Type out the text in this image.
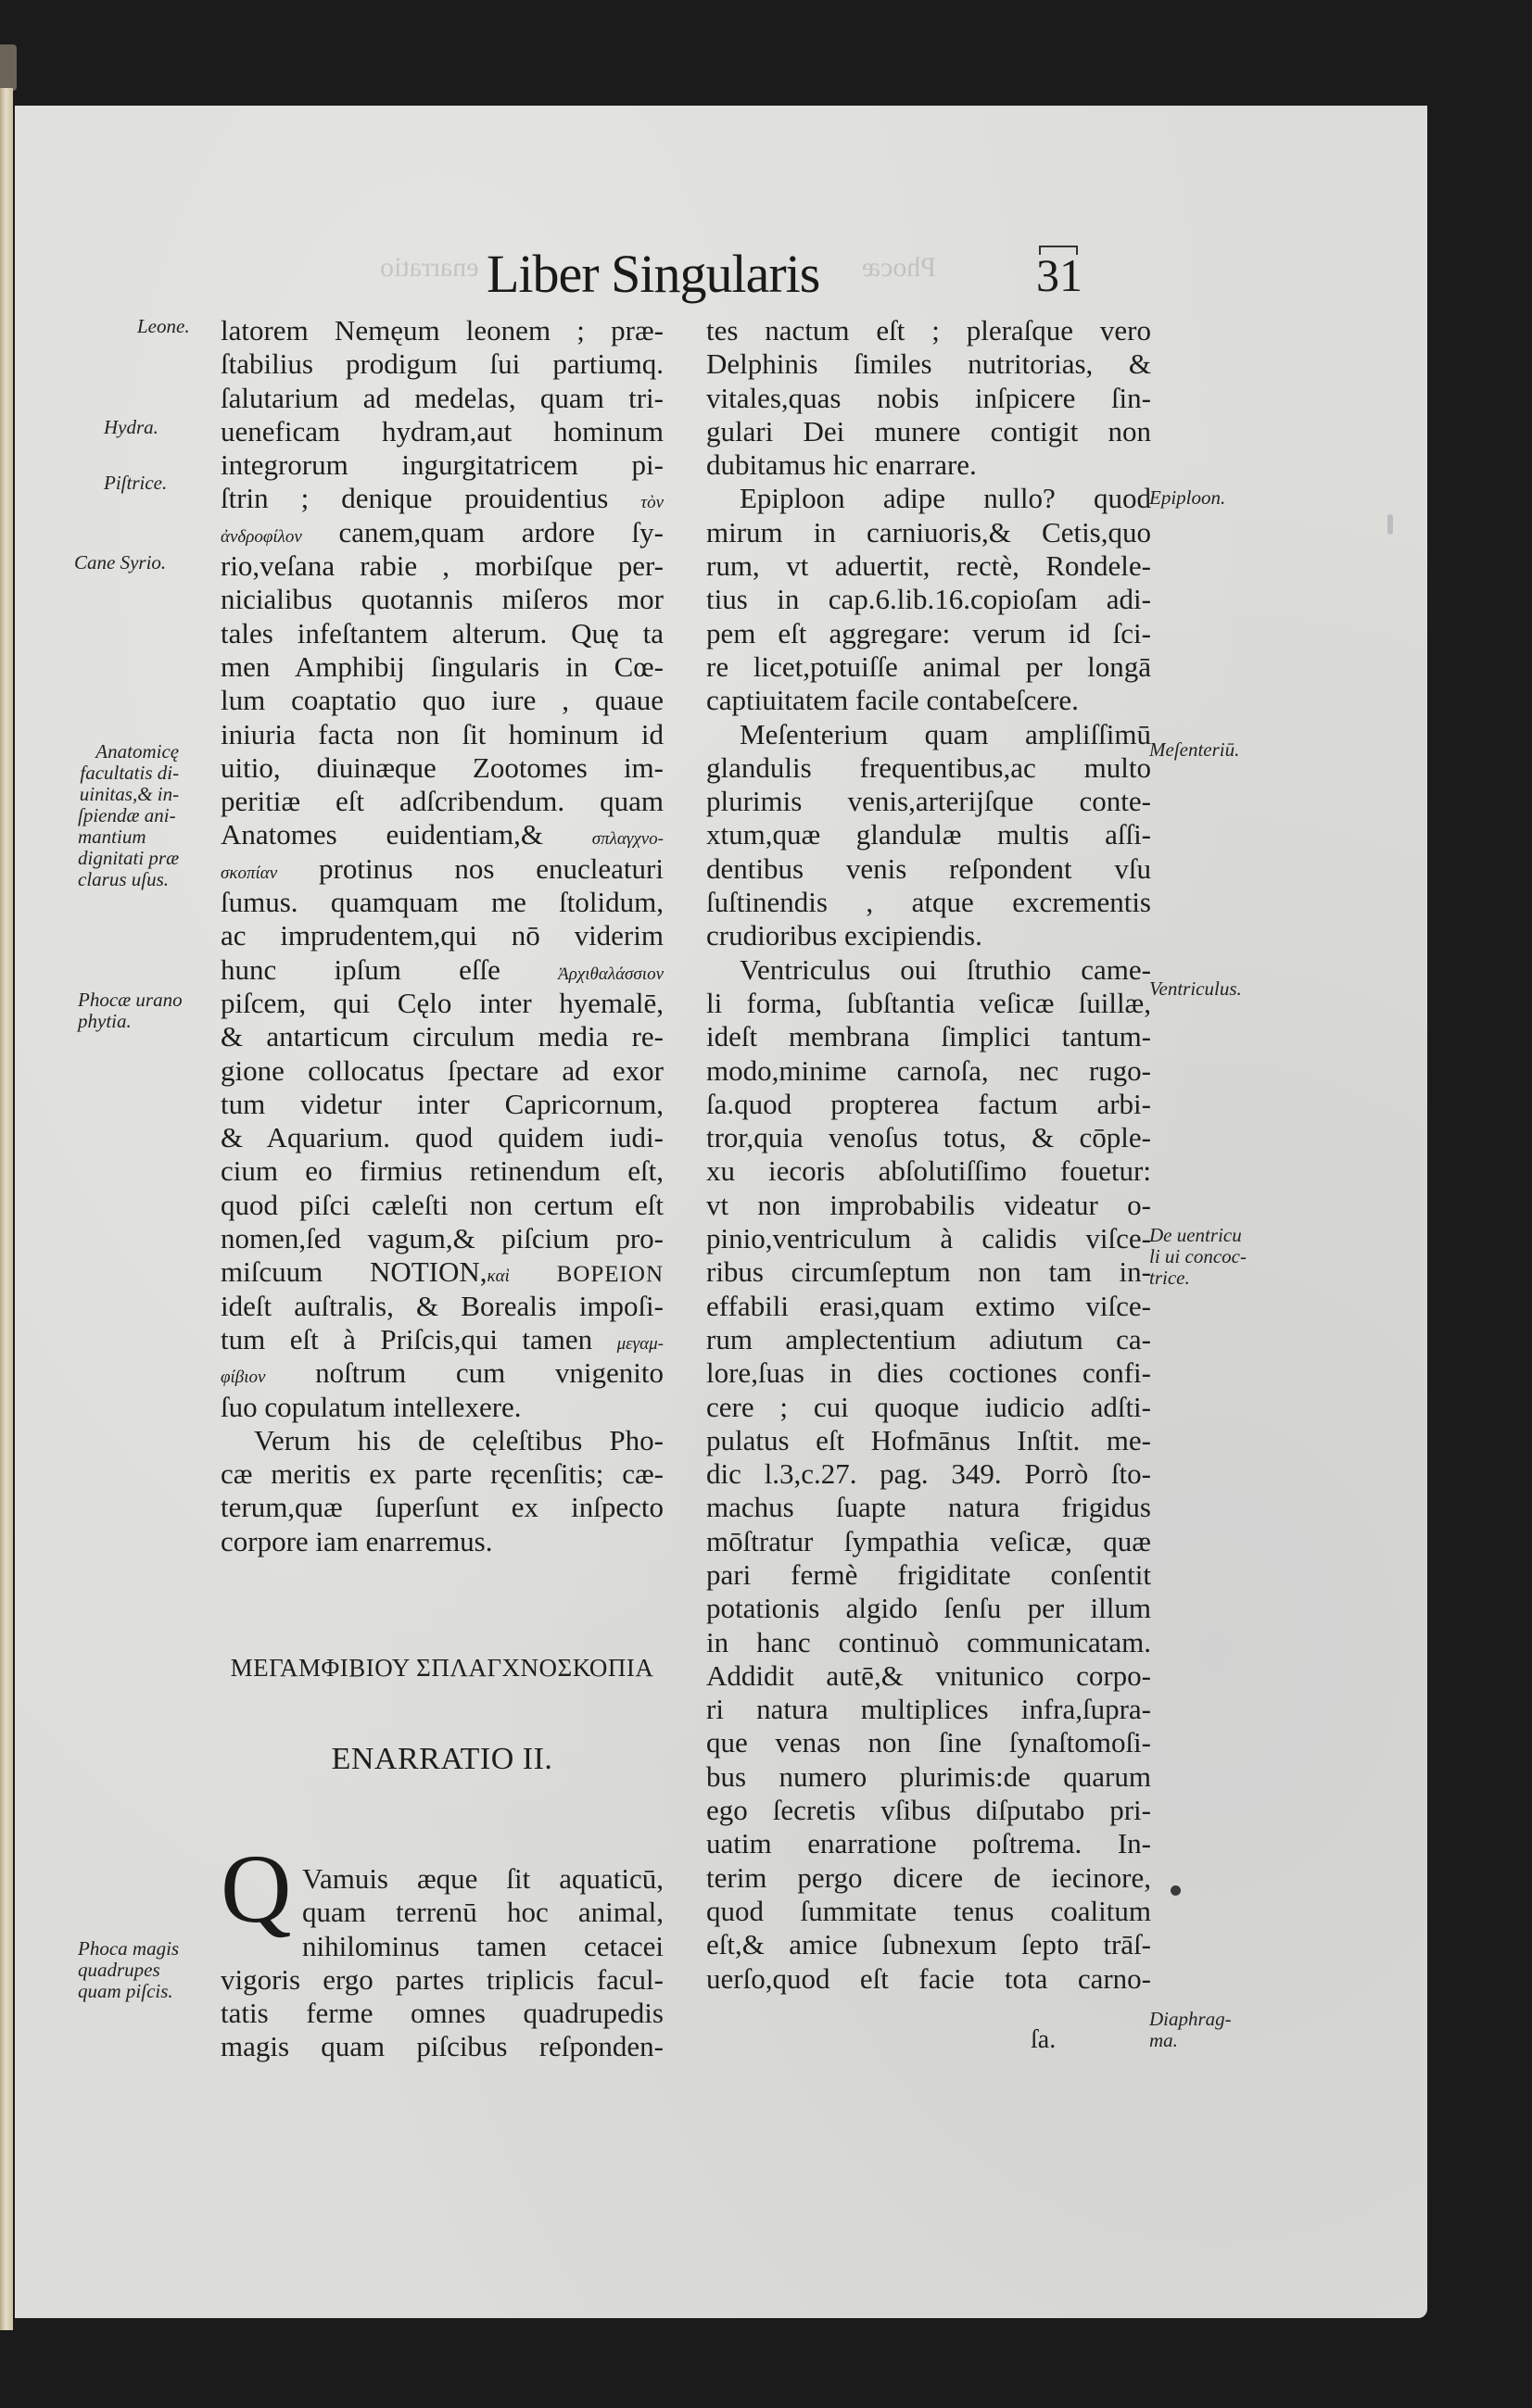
enarratio	Phocæ
Liber Singularis	31
latorem Nemęum leonem ; præ-
ſtabilius prodigum ſui partiumq.
ſalutarium ad medelas, quam tri-
ueneficam hydram,aut hominum
integrorum ingurgitatricem pi-
ſtrin ; denique prouidentius τὸν
ἀνδροφίλον canem,quam ardore ſy-
rio,veſana rabie , morbiſque per-
nicialibus quotannis miſeros mor
tales infeſtantem alterum. Quę ta
men Amphibij ſingularis in Cœ-
lum coaptatio quo iure , quaue
iniuria facta non ſit hominum id
uitio, diuinæque Zootomes im-
peritiæ eſt adſcribendum. quam
Anatomes euidentiam,& σπλαγχνο-
σκοπίαν protinus nos enucleaturi
ſumus. quamquam me ſtolidum,
ac imprudentem,qui nō viderim
hunc ipſum eſſe Ἀρχιθαλάσσιον
piſcem, qui Cęlo inter hyemalē,
& antarticum circulum media re-
gione collocatus ſpectare ad exor
tum videtur inter Capricornum,
& Aquarium. quod quidem iudi-
cium eo firmius retinendum eſt,
quod piſci cæleſti non certum eſt
nomen,ſed vagum,& piſcium pro-
miſcuum NOTION,καὶ ΒΟΡΕΙΟΝ
ideſt auſtralis, & Borealis impoſi-
tum eſt à Priſcis,qui tamen μεγαμ-
φίβιον noſtrum cum vnigenito
ſuo copulatum intellexere.
Verum his de cęleſtibus Pho-
cæ meritis ex parte ręcenſitis; cæ-
terum,quæ ſuperſunt ex inſpecto
corpore iam enarremus.
ΜΕΓΑΜΦΙΒΙΟΥ ΣΠΛΑΓΧΝΟΣΚΟΠΙΑ
ENARRATIO II.
Q Vamuis æque ſit aquaticū,
quam terrenū hoc animal,
nihilominus tamen cetacei
vigoris ergo partes triplicis facul-
tatis ferme omnes quadrupedis
magis quam piſcibus reſponden-
tes nactum eſt ; pleraſque vero
Delphinis ſimiles nutritorias, &
vitales,quas nobis inſpicere ſin-
gulari Dei munere contigit non
dubitamus hic enarrare.
Epiploon adipe nullo? quod
mirum in carniuoris,& Cetis,quo
rum, vt aduertit, rectè, Rondele-
tius in cap.6.lib.16.copioſam adi-
pem eſt aggregare: verum id ſci-
re licet,potuiſſe animal per longā
captiuitatem facile contabeſcere.
Meſenterium quam ampliſſimū
glandulis frequentibus,ac multo
plurimis venis,arterijſque conte-
xtum,quæ glandulæ multis aſſi-
dentibus venis reſpondent vſu
ſuſtinendis , atque excrementis
crudioribus excipiendis.
Ventriculus oui ſtruthio came-
li forma, ſubſtantia veſicæ ſuillæ,
ideſt membrana ſimplici tantum-
modo,minime carnoſa, nec rugo-
ſa.quod propterea factum arbi-
tror,quia venoſus totus, & cōple-
xu iecoris abſolutiſſimo fouetur:
vt non improbabilis videatur o-
pinio,ventriculum à calidis viſce-
ribus circumſeptum non tam in-
effabili erasi,quam extimo viſce-
rum amplectentium adiutum ca-
lore,ſuas in dies coctiones confi-
cere ; cui quoque iudicio adſti-
pulatus eſt Hofmānus Inſtit. me-
dic l.3,c.27. pag. 349. Porrò ſto-
machus ſuapte natura frigidus
mōſtratur ſympathia veſicæ, quæ
pari fermè frigiditate conſentit
potationis algido ſenſu per illum
in hanc continuò communicatam.
Addidit autē,& vnitunico corpo-
ri natura multiplices infra,ſupra-
que venas non ſine ſynaſtomoſi-
bus numero plurimis:de quarum
ego ſecretis vſibus diſputabo pri-
uatim enarratione poſtrema. In-
terim pergo dicere de iecinore,
quod ſummitate tenus coalitum
eſt,& amice ſubnexum ſepto trāſ-
uerſo,quod eſt facie tota carno-
ſa.
Leone.
Hydra.
Piſtrice.
Cane Syrio.
Anatomicę
facultatis di-
uinitas,& in-
ſpiendæ ani-
mantium
dignitati præ
clarus uſus.
Phocæ urano
phytia.
Phoca magis
quadrupes
quam piſcis.
Epiploon.
Meſenteriū.
Ventriculus.
De uentricu
li ui concoc-
trice.
Diaphrag-
ma.
